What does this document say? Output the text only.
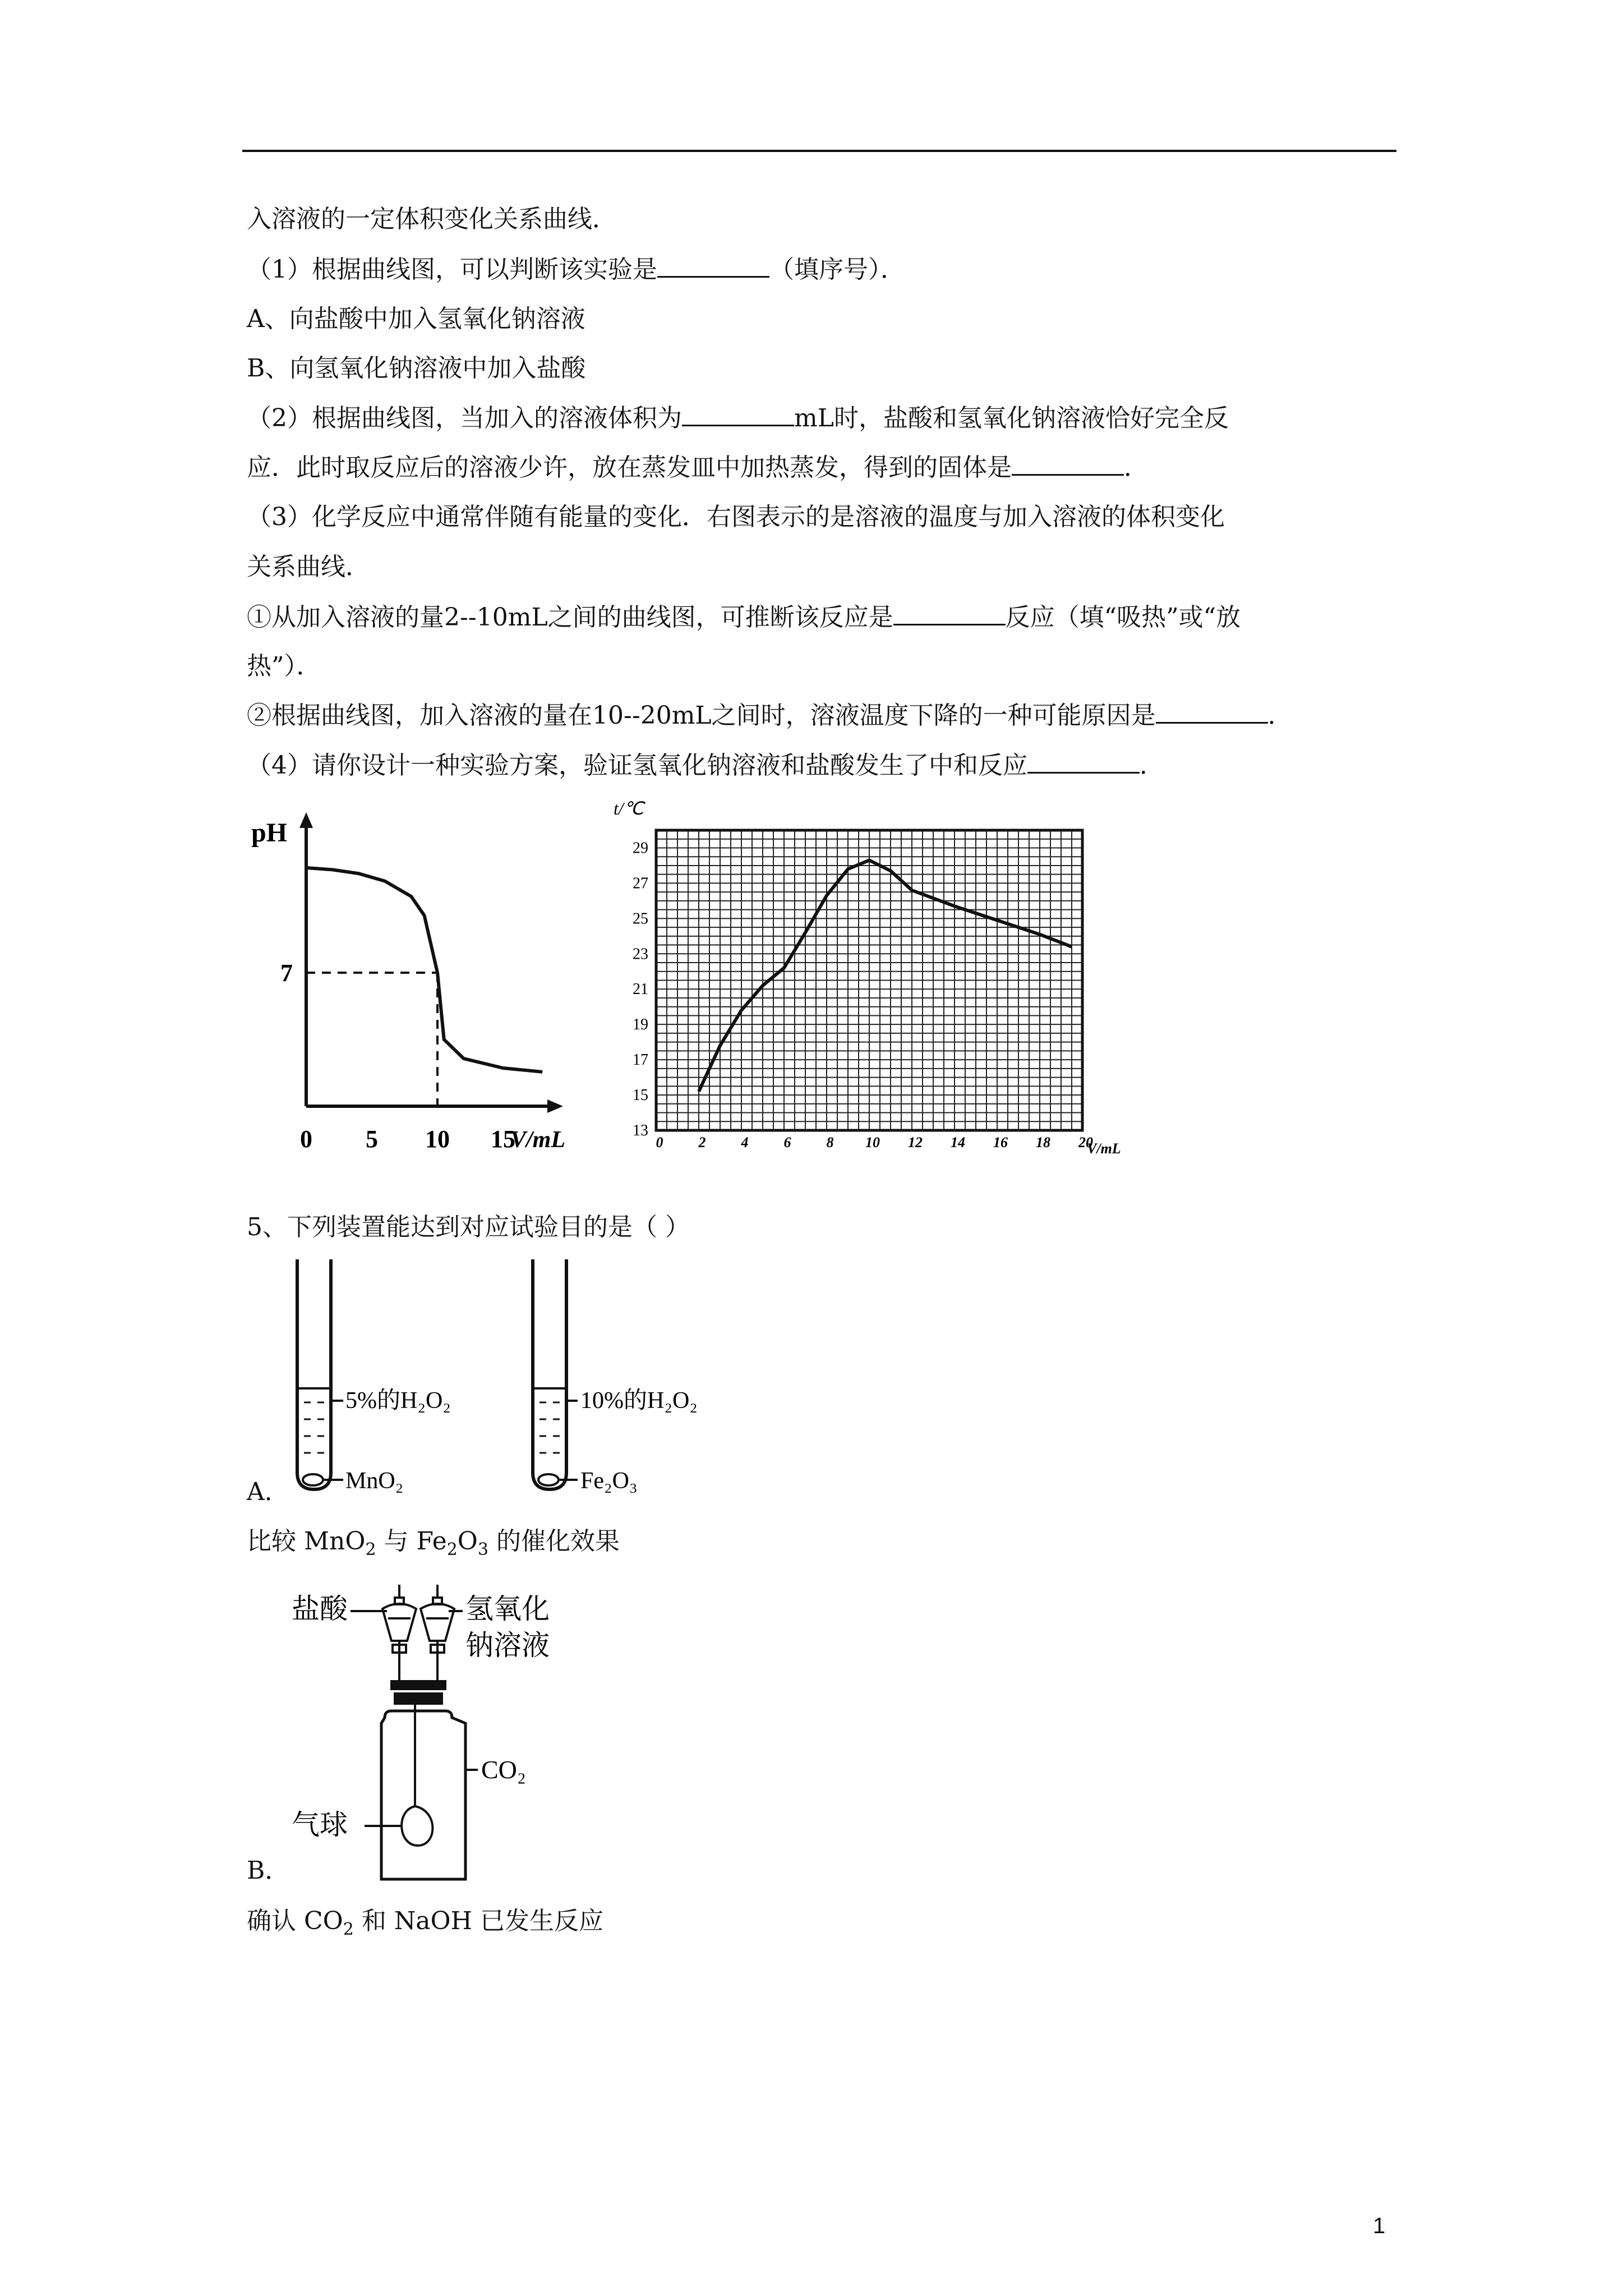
入溶液的一定体积变化关系曲线．
（1）根据曲线图，可以判断该实验是	（填序号）．
A、向盐酸中加入氢氧化钠溶液
B、向氢氧化钠溶液中加入盐酸
（2）根据曲线图，当加入的溶液体积为	mL时，盐酸和氢氧化钠溶液恰好完全反
应．此时取反应后的溶液少许，放在蒸发皿中加热蒸发，得到的固体是	．
（3）化学反应中通常伴随有能量的变化．右图表示的是溶液的温度与加入溶液的体积变化
关系曲线．
①从加入溶液的量2--10mL之间的曲线图，可推断该反应是	反应（填“吸热”或“放
热”）．
②根据曲线图，加入溶液的量在10--20mL之间时，溶液温度下降的一种可能原因是	．
（4）请你设计一种实验方案，验证氢氧化钠溶液和盐酸发生了中和反应	．
pH
0 5 10 15
7
V/mL
t/℃
0 2 4 6 8 10 12 14 16 18 20
13
15
17
19
21
23
25
27
29
V/mL
5、下列装置能达到对应试验目的是（ ）
5%的H₂O₂
MnO₂
10%的H₂O₂
Fe₂O₃
A．
比较 MnO$_2$ 与 $Fe_2O_3$ 的催化效果
盐酸	氢氧化
钠溶液
CO₂
气球
B．
确认 $CO_2$ 和 NaOH 已发生反应
1
